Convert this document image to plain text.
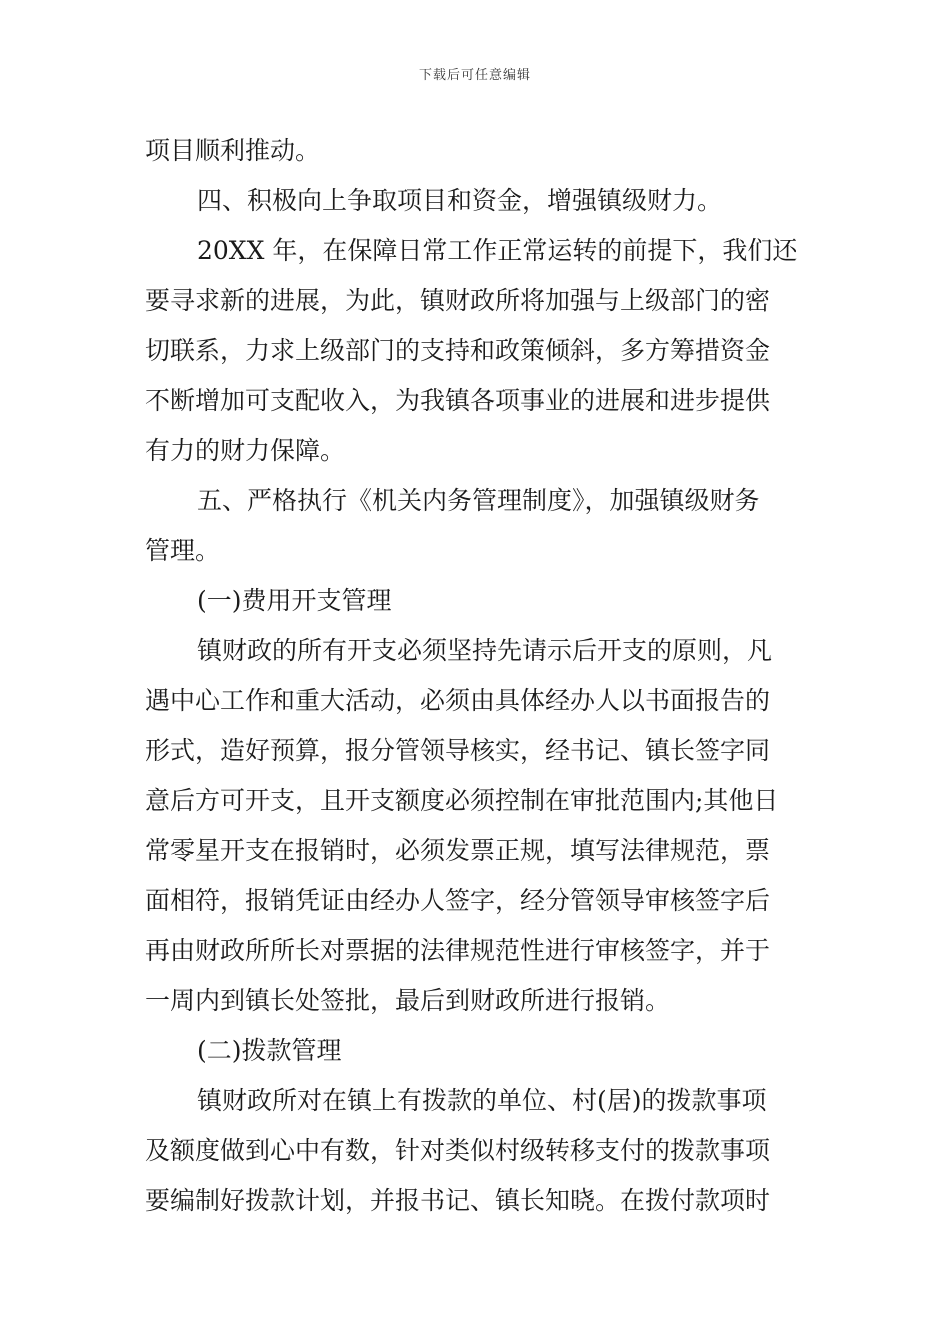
下载后可任意编辑
项目顺利推动。
四、积极向上争取项目和资金，增强镇级财力。
20XX 年，在保障日常工作正常运转的前提下，我们还
要寻求新的进展，为此，镇财政所将加强与上级部门的密
切联系，力求上级部门的支持和政策倾斜，多方筹措资金
不断增加可支配收入，为我镇各项事业的进展和进步提供
有力的财力保障。
五、严格执行《机关内务管理制度》，加强镇级财务
管理。
(一)费用开支管理
镇财政的所有开支必须坚持先请示后开支的原则，凡
遇中心工作和重大活动，必须由具体经办人以书面报告的
形式，造好预算，报分管领导核实，经书记、镇长签字同
意后方可开支，且开支额度必须控制在审批范围内;其他日
常零星开支在报销时，必须发票正规，填写法律规范，票
面相符，报销凭证由经办人签字，经分管领导审核签字后
再由财政所所长对票据的法律规范性进行审核签字，并于
一周内到镇长处签批，最后到财政所进行报销。
(二)拨款管理
镇财政所对在镇上有拨款的单位、村(居)的拨款事项
及额度做到心中有数，针对类似村级转移支付的拨款事项
要编制好拨款计划，并报书记、镇长知晓。在拨付款项时
